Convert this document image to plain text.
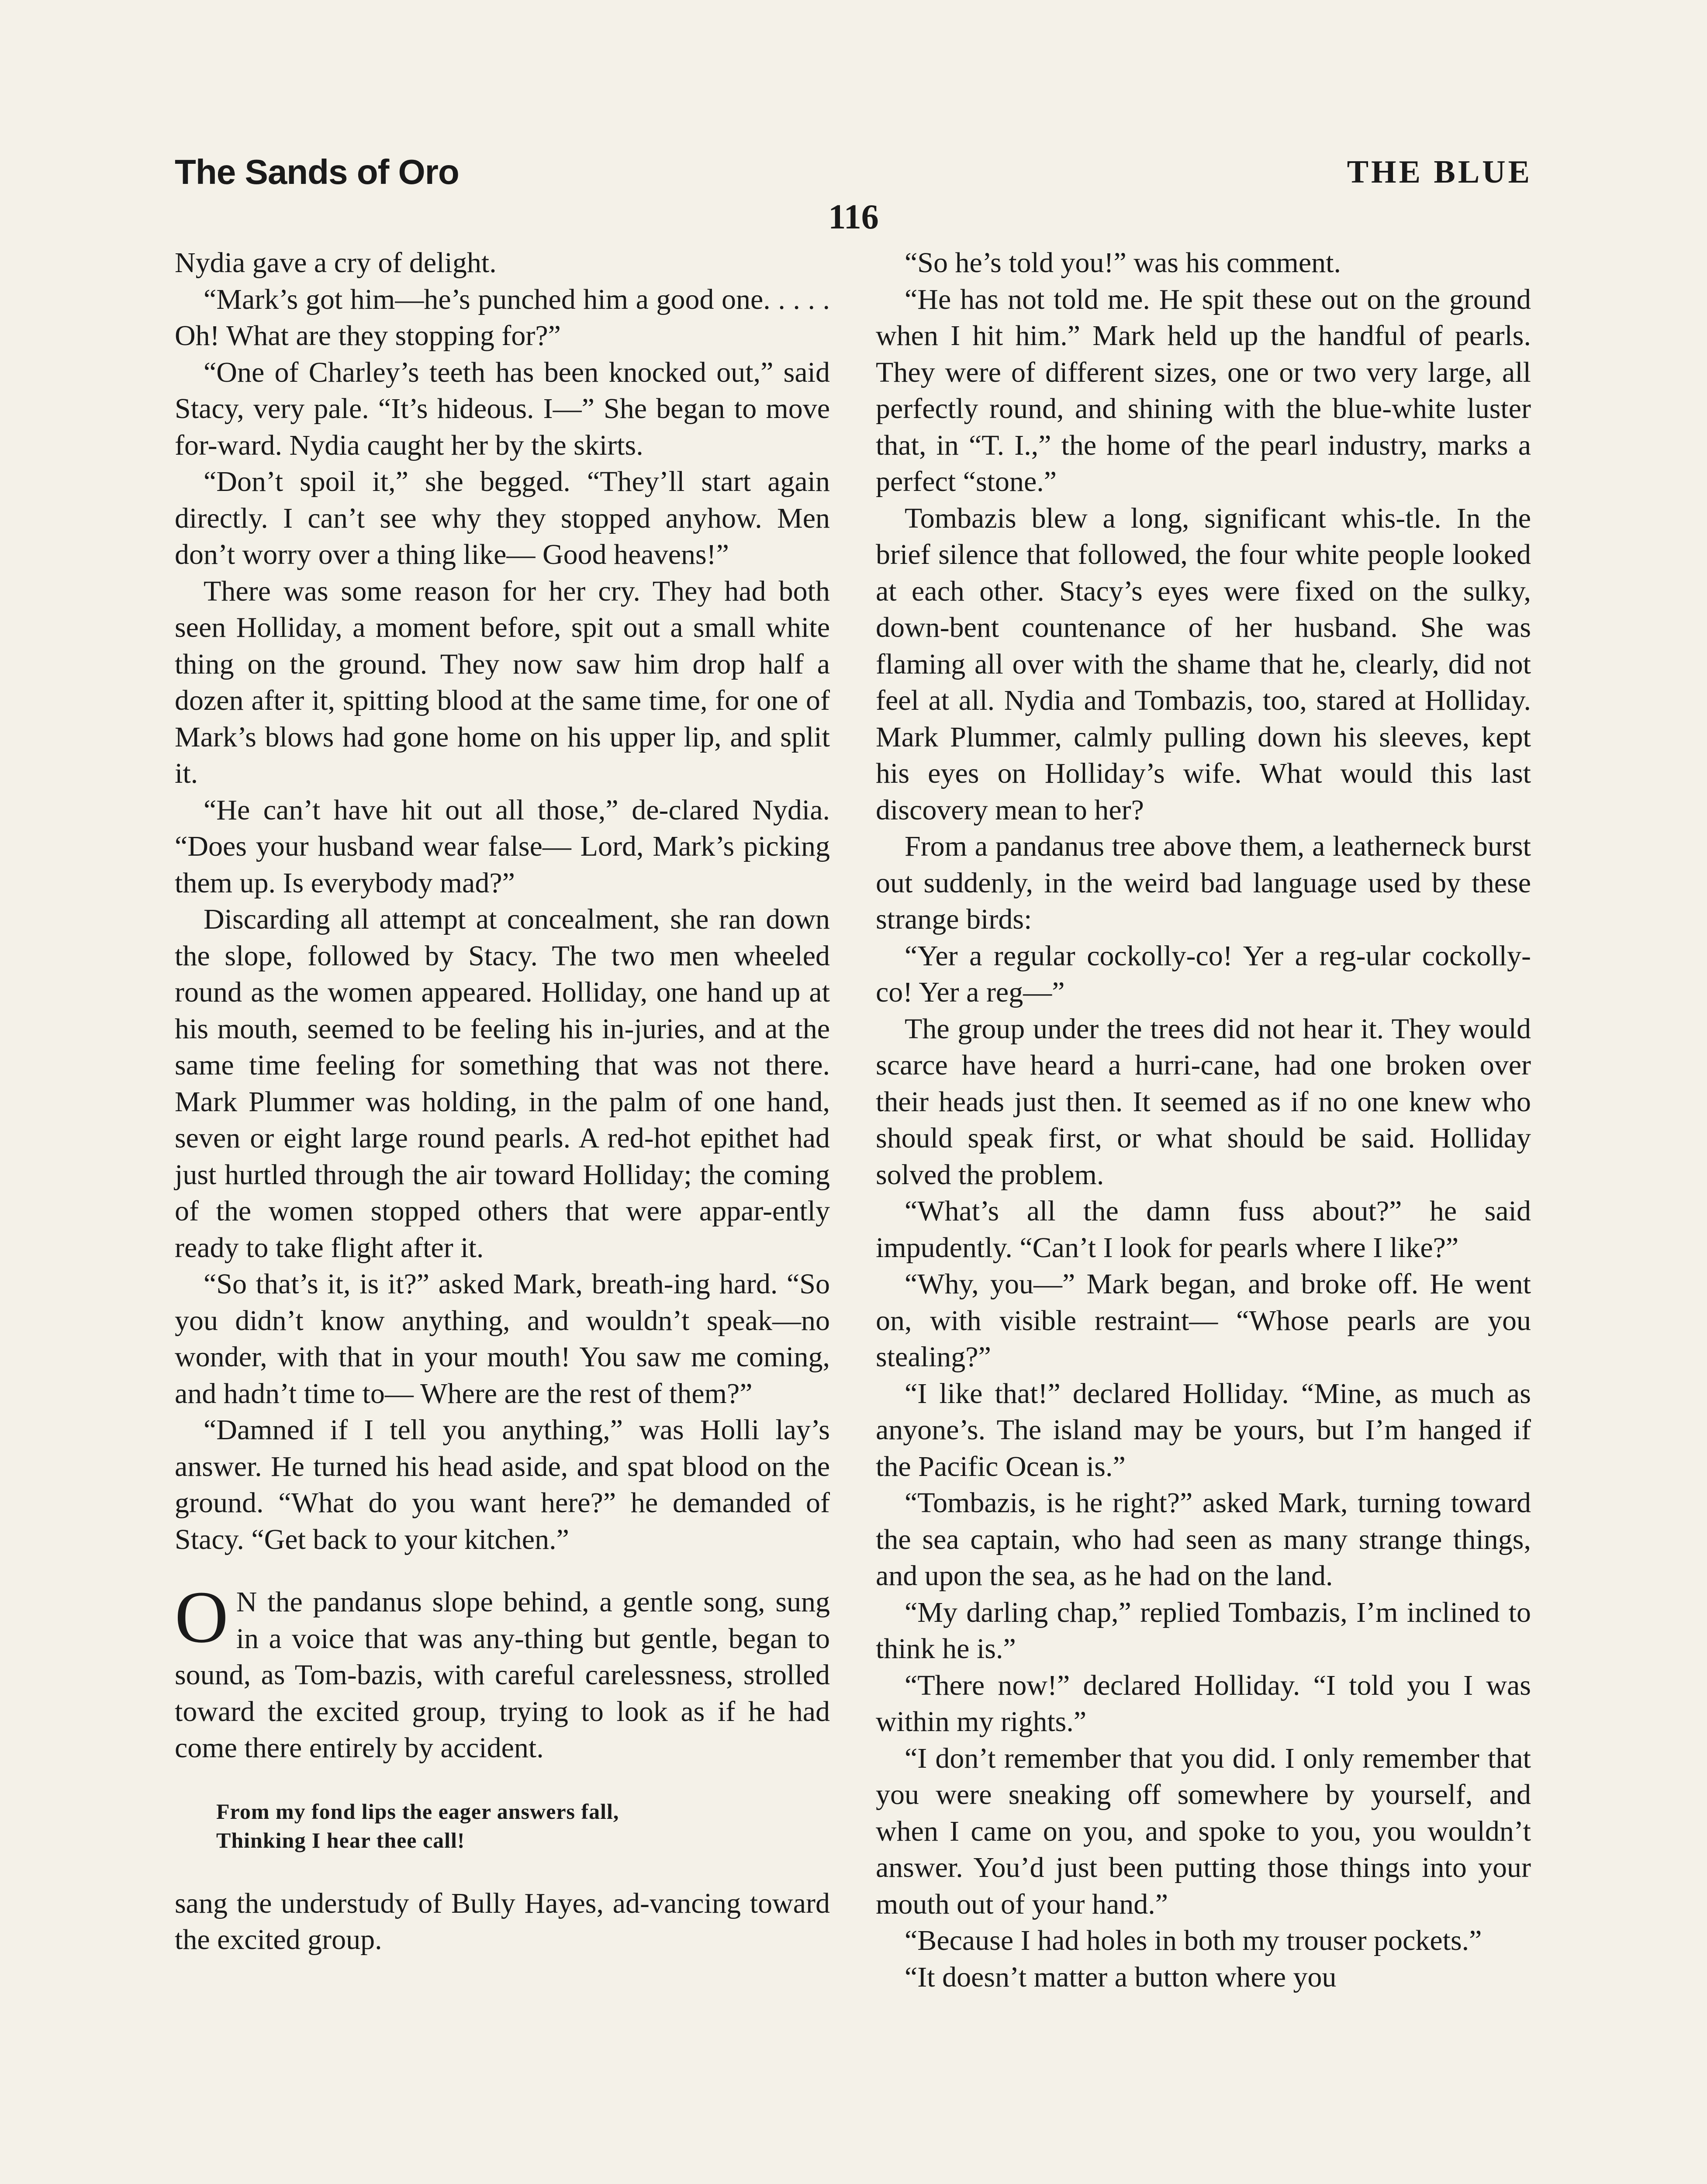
The Sands of Oro	THE BLUE
116

Nydia gave a cry of delight.

“Mark’s got him—he’s punched him a good one. . . . . Oh! What are they stopping for?”

“One of Charley’s teeth has been knocked out,” said Stacy, very pale. “It’s hideous. I—” She began to move for-ward. Nydia caught her by the skirts.

“Don’t spoil it,” she begged. “They’ll start again directly. I can’t see why they stopped anyhow. Men don’t worry over a thing like— Good heavens!”

There was some reason for her cry. They had both seen Holliday, a moment before, spit out a small white thing on the ground. They now saw him drop half a dozen after it, spitting blood at the same time, for one of Mark’s blows had gone home on his upper lip, and split it.

“He can’t have hit out all those,” de-clared Nydia. “Does your husband wear false— Lord, Mark’s picking them up. Is everybody mad?”

Discarding all attempt at concealment, she ran down the slope, followed by Stacy. The two men wheeled round as the women appeared. Holliday, one hand up at his mouth, seemed to be feeling his in-juries, and at the same time feeling for something that was not there. Mark Plummer was holding, in the palm of one hand, seven or eight large round pearls. A red-hot epithet had just hurtled through the air toward Holliday; the coming of the women stopped others that were appar-ently ready to take flight after it.

“So that’s it, is it?” asked Mark, breath-ing hard. “So you didn’t know anything, and wouldn’t speak—no wonder, with that in your mouth! You saw me coming, and hadn’t time to— Where are the rest of them?”

“Damned if I tell you anything,” was Holli lay’s answer. He turned his head aside, and spat blood on the ground. “What do you want here?” he demanded of Stacy. “Get back to your kitchen.”

O N the pandanus slope behind, a gentle song, sung in a voice that was any-thing but gentle, began to sound, as Tom-bazis, with careful carelessness, strolled toward the excited group, trying to look as if he had come there entirely by accident.

From my fond lips the eager answers fall,
Thinking I hear thee call!

sang the understudy of Bully Hayes, ad-vancing toward the excited group.

“So he’s told you!” was his comment.

“He has not told me. He spit these out on the ground when I hit him.” Mark held up the handful of pearls. They were of different sizes, one or two very large, all perfectly round, and shining with the blue-white luster that, in “T. I.,” the home of the pearl industry, marks a perfect “stone.”

Tombazis blew a long, significant whis-tle. In the brief silence that followed, the four white people looked at each other. Stacy’s eyes were fixed on the sulky, down-bent countenance of her husband. She was flaming all over with the shame that he, clearly, did not feel at all. Nydia and Tombazis, too, stared at Holliday. Mark Plummer, calmly pulling down his sleeves, kept his eyes on Holliday’s wife. What would this last discovery mean to her?

From a pandanus tree above them, a leatherneck burst out suddenly, in the weird bad language used by these strange birds:

“Yer a regular cockolly-co! Yer a reg-ular cockolly-co! Yer a reg—”

The group under the trees did not hear it. They would scarce have heard a hurri-cane, had one broken over their heads just then. It seemed as if no one knew who should speak first, or what should be said. Holliday solved the problem.

“What’s all the damn fuss about?” he said impudently. “Can’t I look for pearls where I like?”

“Why, you—” Mark began, and broke off. He went on, with visible restraint— “Whose pearls are you stealing?”

“I like that!” declared Holliday. “Mine, as much as anyone’s. The island may be yours, but I’m hanged if the Pacific Ocean is.”

“Tombazis, is he right?” asked Mark, turning toward the sea captain, who had seen as many strange things, and upon the sea, as he had on the land.

“My darling chap,” replied Tombazis, I’m inclined to think he is.”

“There now!” declared Holliday. “I told you I was within my rights.”

“I don’t remember that you did. I only remember that you were sneaking off somewhere by yourself, and when I came on you, and spoke to you, you wouldn’t answer. You’d just been putting those things into your mouth out of your hand.”

“Because I had holes in both my trouser pockets.”

“It doesn’t matter a button where you
